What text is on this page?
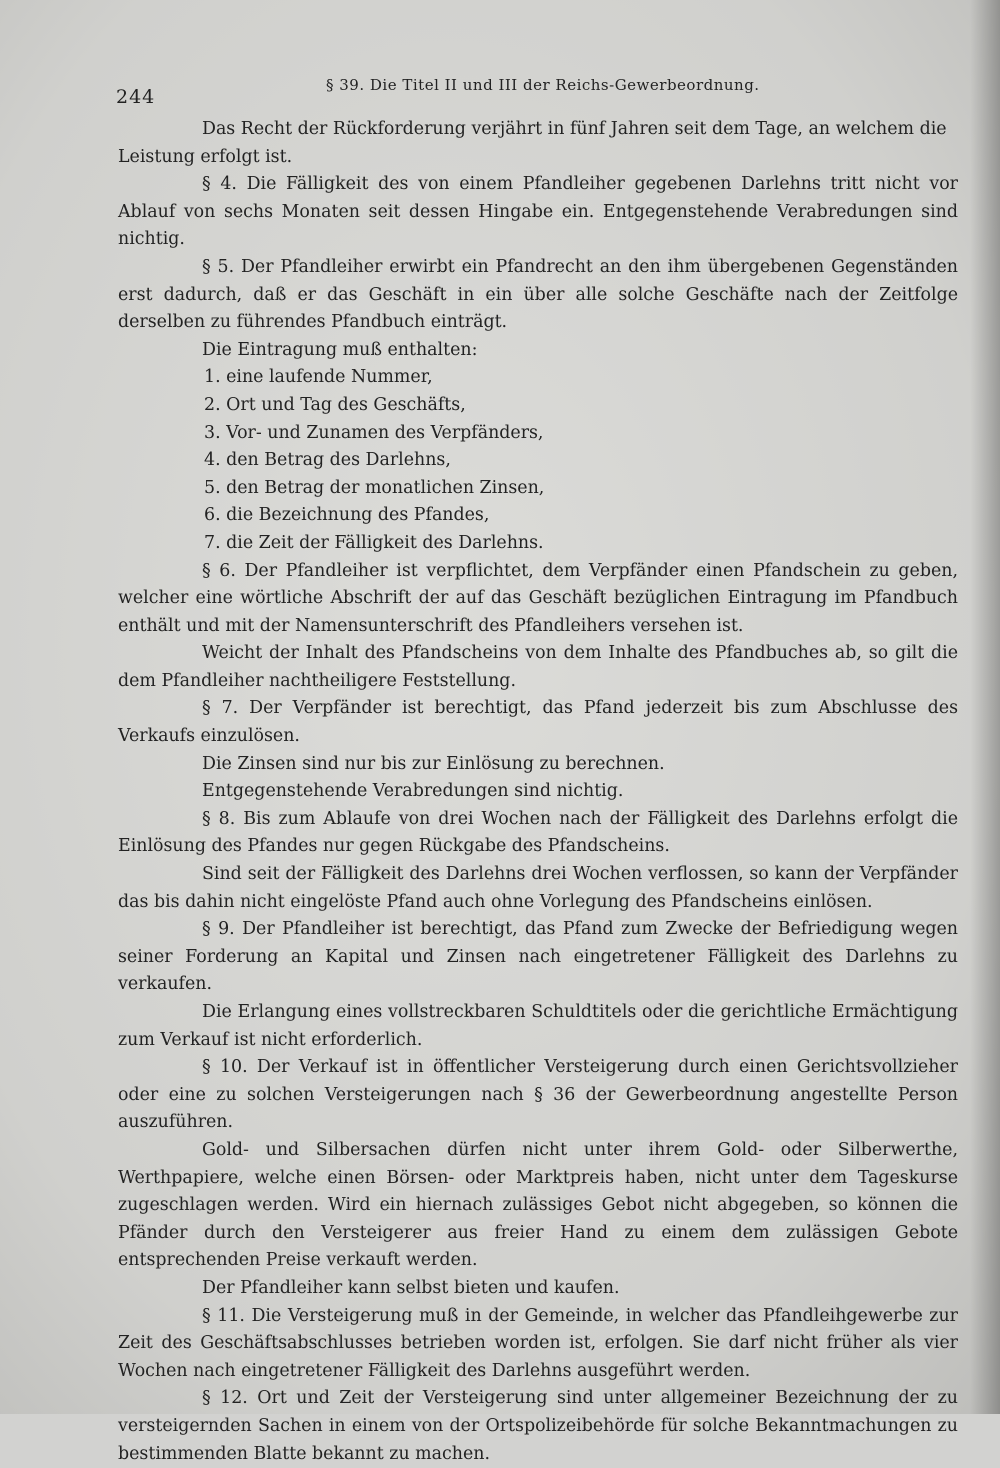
244
§ 39. Die Titel II und III der Reichs-Gewerbeordnung.

Das Recht der Rückforderung verjährt in fünf Jahren seit dem Tage, an welchem die Leistung erfolgt ist.

§ 4. Die Fälligkeit des von einem Pfandleiher gegebenen Darlehns tritt nicht vor Ablauf von sechs Monaten seit dessen Hingabe ein. Entgegenstehende Verabredungen sind nichtig.

§ 5. Der Pfandleiher erwirbt ein Pfandrecht an den ihm übergebenen Gegenständen erst dadurch, daß er das Geschäft in ein über alle solche Geschäfte nach der Zeitfolge derselben zu führendes Pfandbuch einträgt.

Die Eintragung muß enthalten:

1. eine laufende Nummer,
2. Ort und Tag des Geschäfts,
3. Vor- und Zunamen des Verpfänders,
4. den Betrag des Darlehns,
5. den Betrag der monatlichen Zinsen,
6. die Bezeichnung des Pfandes,
7. die Zeit der Fälligkeit des Darlehns.

§ 6. Der Pfandleiher ist verpflichtet, dem Verpfänder einen Pfandschein zu geben, welcher eine wörtliche Abschrift der auf das Geschäft bezüglichen Eintragung im Pfandbuch enthält und mit der Namensunterschrift des Pfandleihers versehen ist.

Weicht der Inhalt des Pfandscheins von dem Inhalte des Pfandbuches ab, so gilt die dem Pfandleiher nachtheiligere Feststellung.

§ 7. Der Verpfänder ist berechtigt, das Pfand jederzeit bis zum Abschlusse des Verkaufs einzulösen.

Die Zinsen sind nur bis zur Einlösung zu berechnen.

Entgegenstehende Verabredungen sind nichtig.

§ 8. Bis zum Ablaufe von drei Wochen nach der Fälligkeit des Darlehns erfolgt die Einlösung des Pfandes nur gegen Rückgabe des Pfandscheins.

Sind seit der Fälligkeit des Darlehns drei Wochen verflossen, so kann der Verpfänder das bis dahin nicht eingelöste Pfand auch ohne Vorlegung des Pfandscheins einlösen.

§ 9. Der Pfandleiher ist berechtigt, das Pfand zum Zwecke der Befriedigung wegen seiner Forderung an Kapital und Zinsen nach eingetretener Fälligkeit des Darlehns zu verkaufen.

Die Erlangung eines vollstreckbaren Schuldtitels oder die gerichtliche Ermächtigung zum Verkauf ist nicht erforderlich.

§ 10. Der Verkauf ist in öffentlicher Versteigerung durch einen Gerichtsvollzieher oder eine zu solchen Versteigerungen nach § 36 der Gewerbeordnung angestellte Person auszuführen.

Gold- und Silbersachen dürfen nicht unter ihrem Gold- oder Silberwerthe, Werthpapiere, welche einen Börsen- oder Marktpreis haben, nicht unter dem Tageskurse zugeschlagen werden. Wird ein hiernach zulässiges Gebot nicht abgegeben, so können die Pfänder durch den Versteigerer aus freier Hand zu einem dem zulässigen Gebote entsprechenden Preise verkauft werden.

Der Pfandleiher kann selbst bieten und kaufen.

§ 11. Die Versteigerung muß in der Gemeinde, in welcher das Pfandleihgewerbe zur Zeit des Geschäftsabschlusses betrieben worden ist, erfolgen. Sie darf nicht früher als vier Wochen nach eingetretener Fälligkeit des Darlehns ausgeführt werden.

§ 12. Ort und Zeit der Versteigerung sind unter allgemeiner Bezeichnung der zu versteigernden Sachen in einem von der Ortspolizeibehörde für solche Bekanntmachungen zu bestimmenden Blatte bekannt zu machen.
